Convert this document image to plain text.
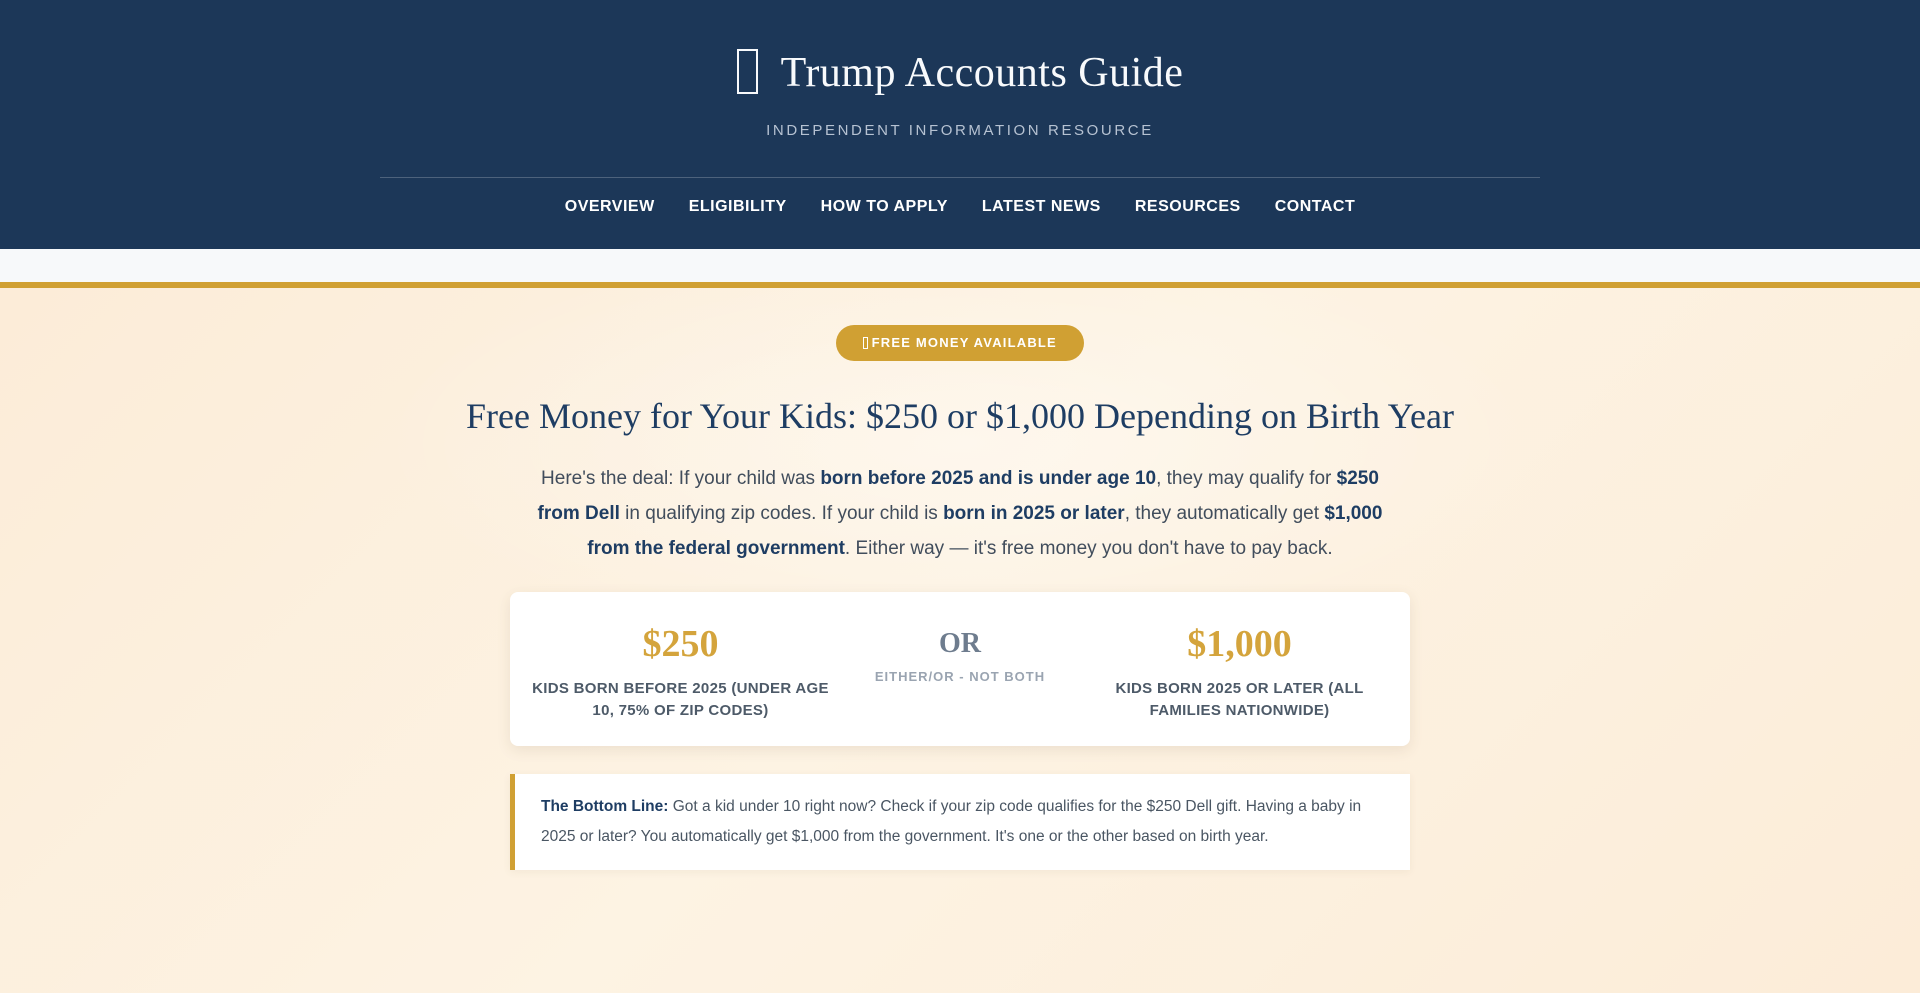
Trump Accounts Guide
INDEPENDENT INFORMATION RESOURCE
OVERVIEW ELIGIBILITY HOW TO APPLY LATEST NEWS RESOURCES CONTACT
FREE MONEY AVAILABLE
Free Money for Your Kids: $250 or $1,000 Depending on Birth Year

Here's the deal: If your child was born before 2025 and is under age 10, they may qualify for $250 from Dell in qualifying zip codes. If your child is born in 2025 or later, they automatically get $1,000 from the federal government. Either way — it's free money you don't have to pay back.

$250
KIDS BORN BEFORE 2025 (UNDER AGE 10, 75% OF ZIP CODES)
OR
EITHER/OR - NOT BOTH
$1,000
KIDS BORN 2025 OR LATER (ALL FAMILIES NATIONWIDE)
The Bottom Line: Got a kid under 10 right now? Check if your zip code qualifies for the $250 Dell gift. Having a baby in 2025 or later? You automatically get $1,000 from the government. It's one or the other based on birth year.
